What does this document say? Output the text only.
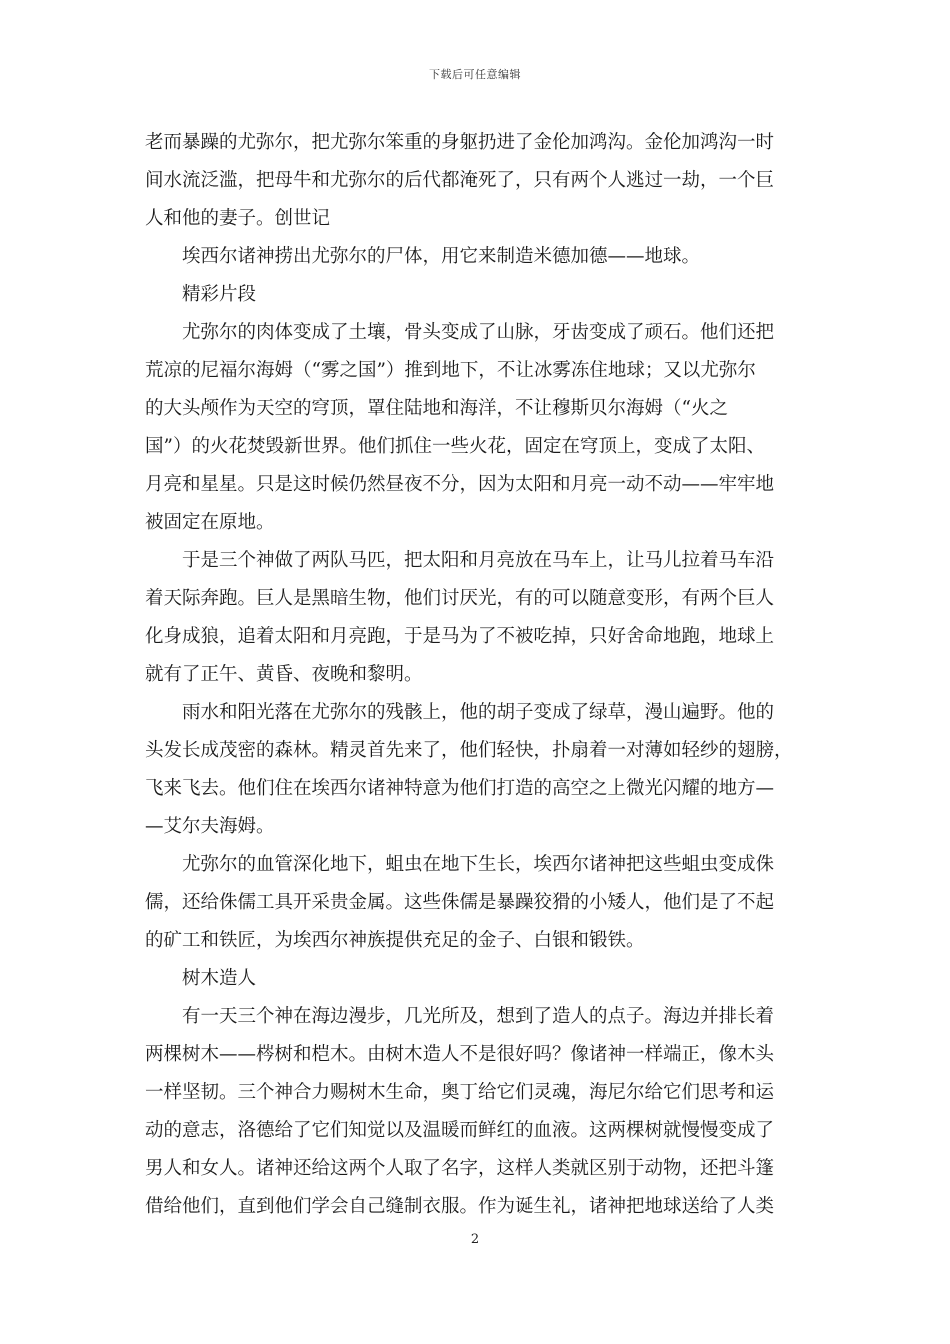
下载后可任意编辑
老而暴躁的尤弥尔，把尤弥尔笨重的身躯扔进了金伦加鸿沟。金伦加鸿沟一时
间水流泛滥，把母牛和尤弥尔的后代都淹死了，只有两个人逃过一劫，一个巨
人和他的妻子。创世记
埃西尔诸神捞出尤弥尔的尸体，用它来制造米德加德——地球。
精彩片段
尤弥尔的肉体变成了土壤，骨头变成了山脉，牙齿变成了顽石。他们还把
荒凉的尼福尔海姆（“雾之国”）推到地下，不让冰雾冻住地球；又以尤弥尔
的大头颅作为天空的穹顶，罩住陆地和海洋，不让穆斯贝尔海姆（“火之
国”）的火花焚毁新世界。他们抓住一些火花，固定在穹顶上，变成了太阳、
月亮和星星。只是这时候仍然昼夜不分，因为太阳和月亮一动不动——牢牢地
被固定在原地。
于是三个神做了两队马匹，把太阳和月亮放在马车上，让马儿拉着马车沿
着天际奔跑。巨人是黑暗生物，他们讨厌光，有的可以随意变形，有两个巨人
化身成狼，追着太阳和月亮跑，于是马为了不被吃掉，只好舍命地跑，地球上
就有了正午、黄昏、夜晚和黎明。
雨水和阳光落在尤弥尔的残骸上，他的胡子变成了绿草，漫山遍野。他的
头发长成茂密的森林。精灵首先来了，他们轻快，扑扇着一对薄如轻纱的翅膀，
飞来飞去。他们住在埃西尔诸神特意为他们打造的高空之上微光闪耀的地方—
—艾尔夫海姆。
尤弥尔的血管深化地下，蛆虫在地下生长，埃西尔诸神把这些蛆虫变成侏
儒，还给侏儒工具开采贵金属。这些侏儒是暴躁狡猾的小矮人，他们是了不起
的矿工和铁匠，为埃西尔神族提供充足的金子、白银和锻铁。
树木造人
有一天三个神在海边漫步，几光所及，想到了造人的点子。海边并排长着
两棵树木——梣树和桤木。由树木造人不是很好吗？像诸神一样端正，像木头
一样坚韧。三个神合力赐树木生命，奥丁给它们灵魂，海尼尔给它们思考和运
动的意志，洛德给了它们知觉以及温暖而鲜红的血液。这两棵树就慢慢变成了
男人和女人。诸神还给这两个人取了名字，这样人类就区别于动物，还把斗篷
借给他们，直到他们学会自己缝制衣服。作为诞生礼，诸神把地球送给了人类
2
